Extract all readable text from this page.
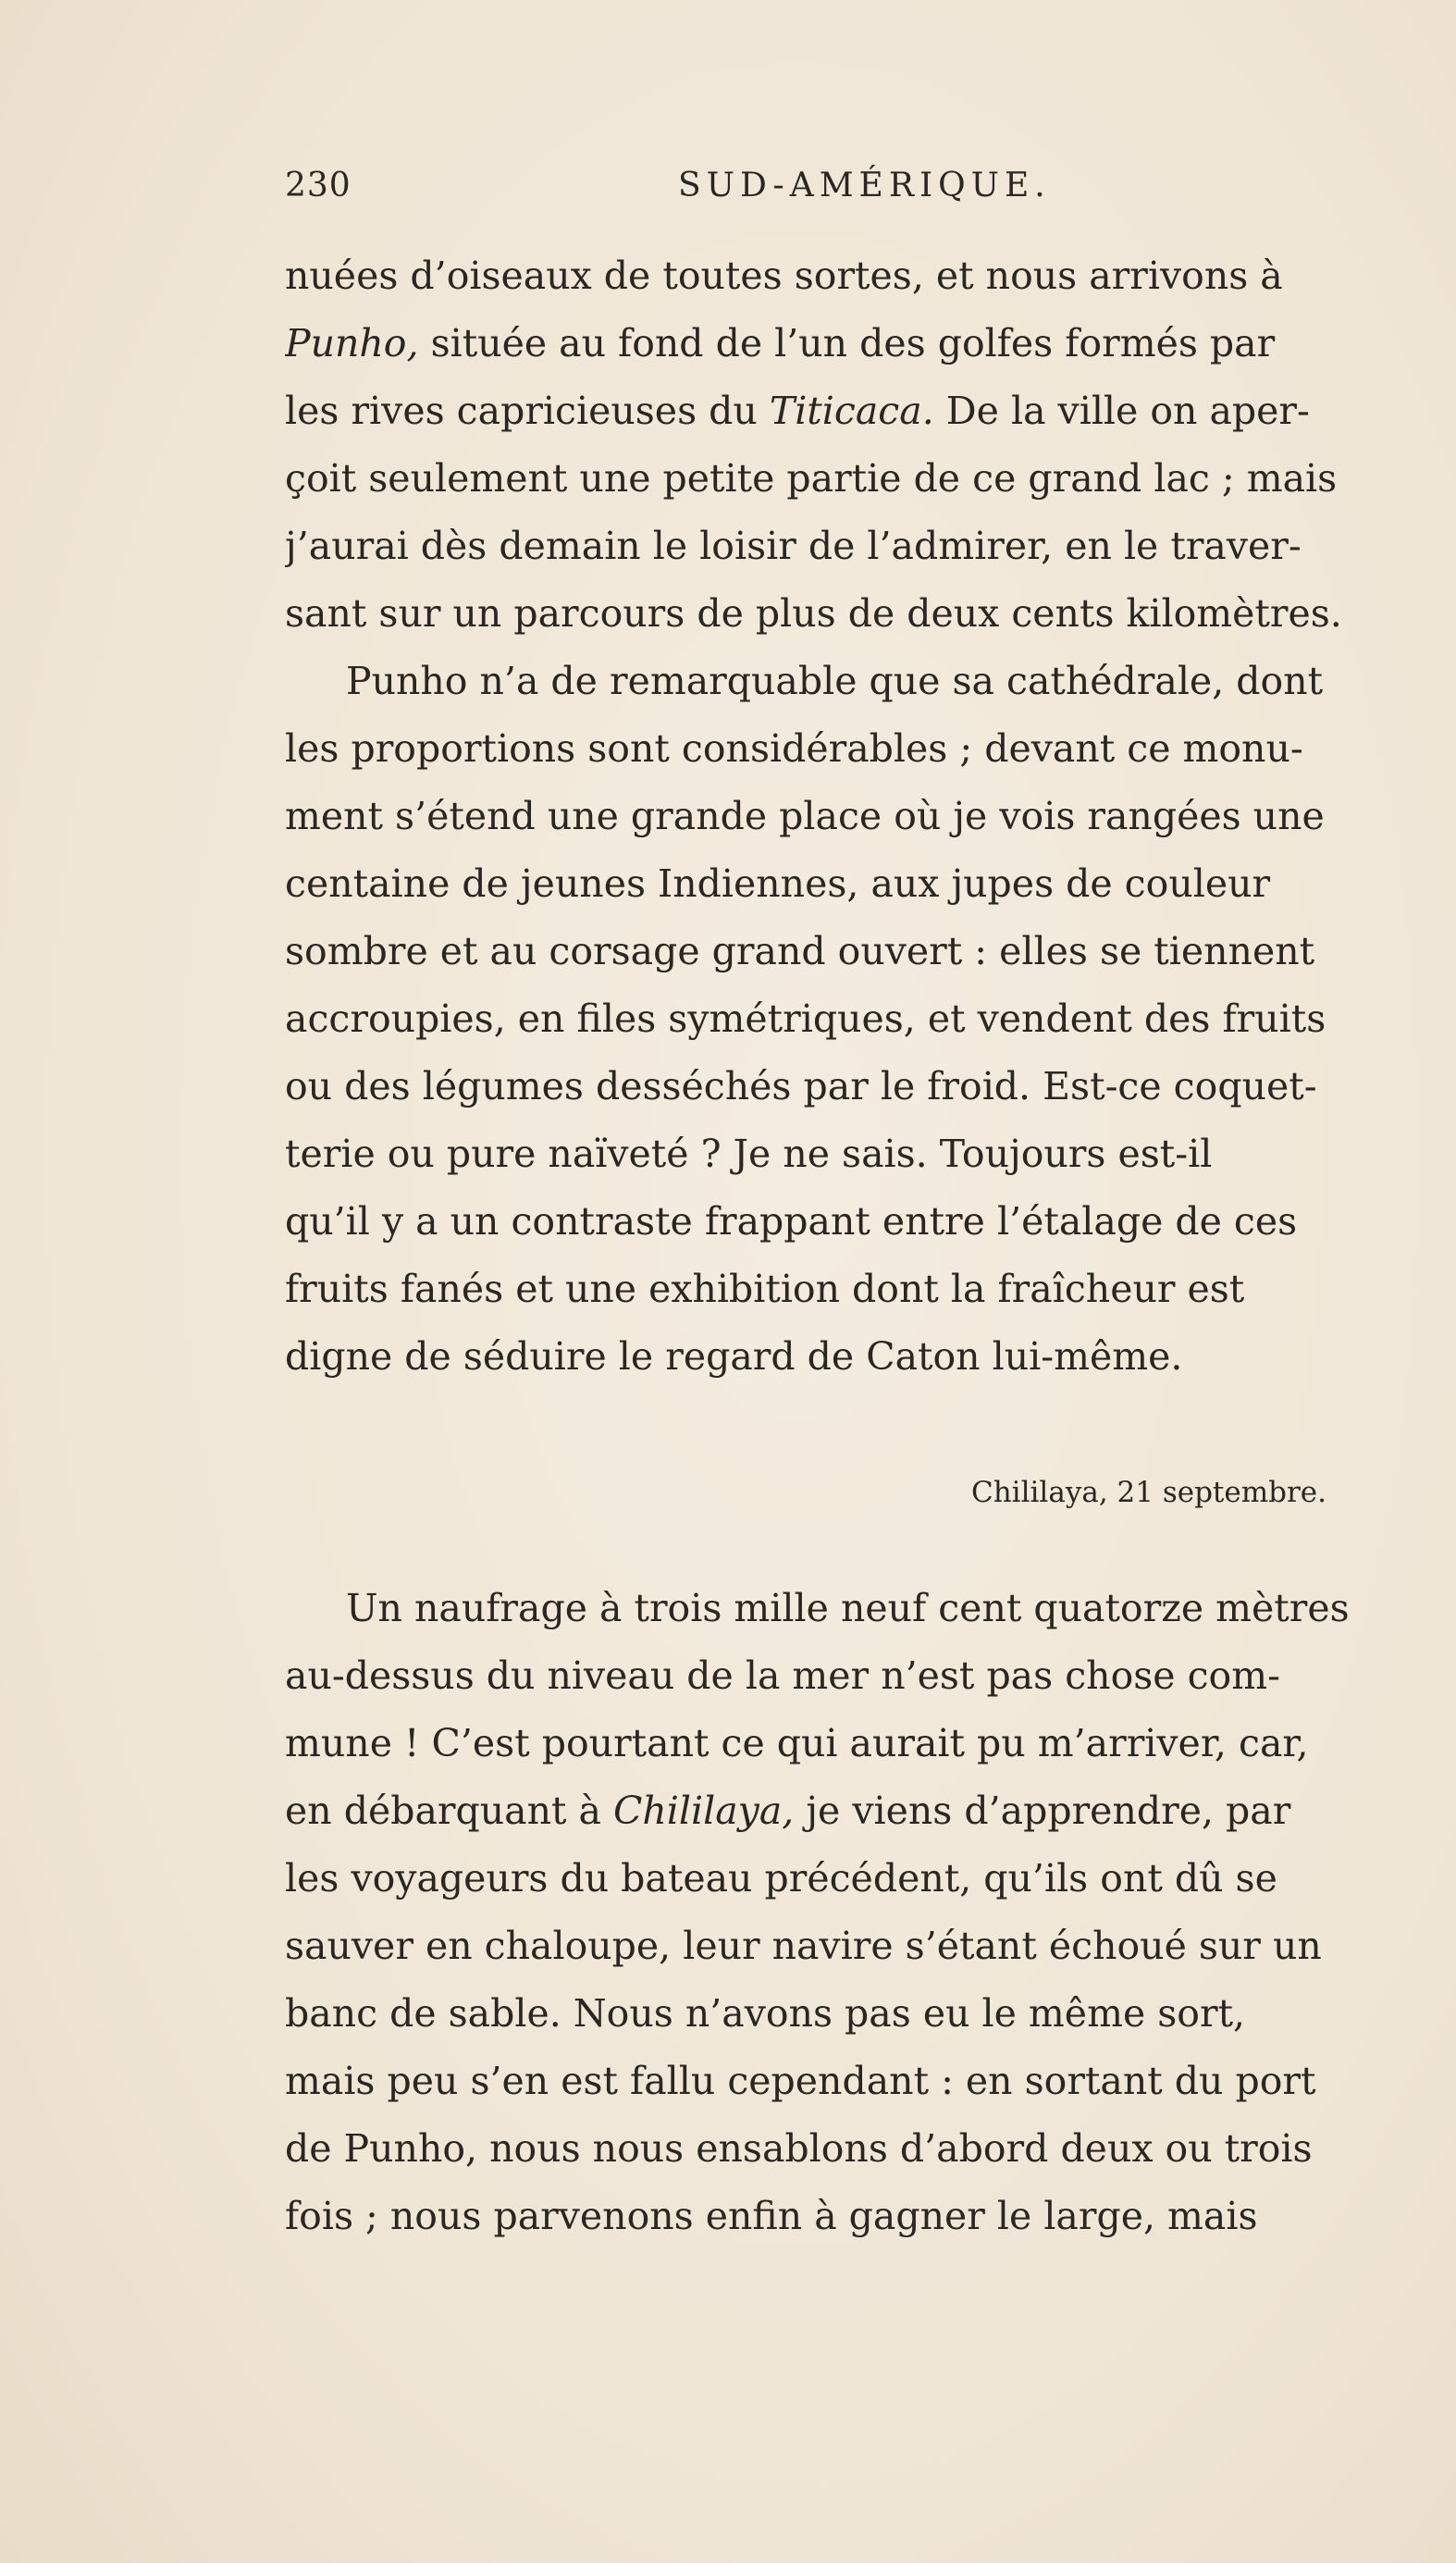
230	SUD-AMÉRIQUE.
nuées d’oiseaux de toutes sortes, et nous arrivons à
Punho, située au fond de l’un des golfes formés par
les rives capricieuses du Titicaca. De la ville on aper-
çoit seulement une petite partie de ce grand lac ; mais
j’aurai dès demain le loisir de l’admirer, en le traver-
sant sur un parcours de plus de deux cents kilomètres.
Punho n’a de remarquable que sa cathédrale, dont
les proportions sont considérables ; devant ce monu-
ment s’étend une grande place où je vois rangées une
centaine de jeunes Indiennes, aux jupes de couleur
sombre et au corsage grand ouvert : elles se tiennent
accroupies, en files symétriques, et vendent des fruits
ou des légumes desséchés par le froid. Est-ce coquet-
terie ou pure naïveté ? Je ne sais. Toujours est-il
qu’il y a un contraste frappant entre l’étalage de ces
fruits fanés et une exhibition dont la fraîcheur est
digne de séduire le regard de Caton lui-même.
Chililaya, 21 septembre.
Un naufrage à trois mille neuf cent quatorze mètres
au-dessus du niveau de la mer n’est pas chose com-
mune ! C’est pourtant ce qui aurait pu m’arriver, car,
en débarquant à Chililaya, je viens d’apprendre, par
les voyageurs du bateau précédent, qu’ils ont dû se
sauver en chaloupe, leur navire s’étant échoué sur un
banc de sable. Nous n’avons pas eu le même sort,
mais peu s’en est fallu cependant : en sortant du port
de Punho, nous nous ensablons d’abord deux ou trois
fois ; nous parvenons enfin à gagner le large, mais
